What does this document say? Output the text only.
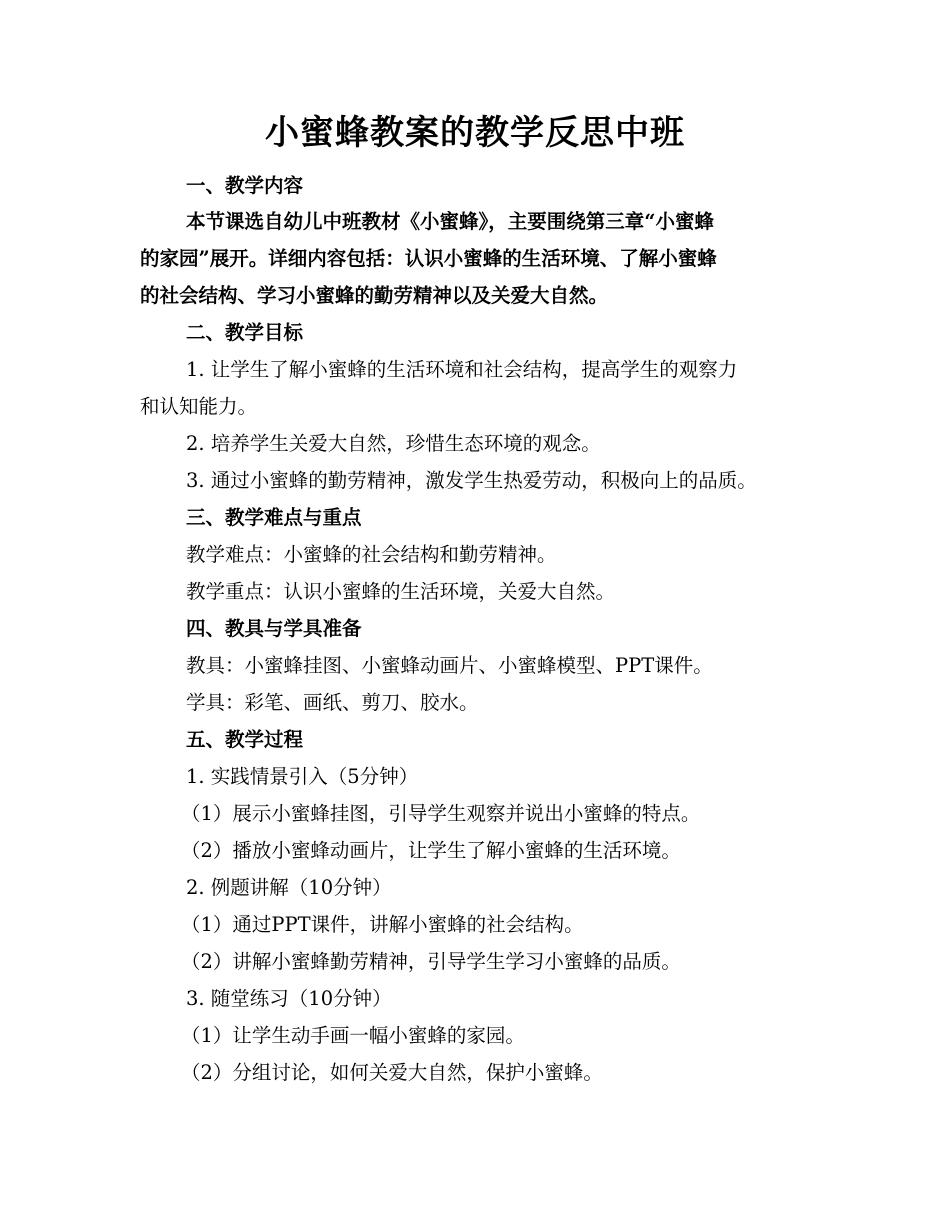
小蜜蜂教案的教学反思中班
一、教学内容
本节课选自幼儿中班教材《小蜜蜂》，主要围绕第三章“小蜜蜂
的家园”展开。详细内容包括：认识小蜜蜂的生活环境、了解小蜜蜂
的社会结构、学习小蜜蜂的勤劳精神以及关爱大自然。
二、教学目标
1. 让学生了解小蜜蜂的生活环境和社会结构，提高学生的观察力
和认知能力。
2. 培养学生关爱大自然，珍惜生态环境的观念。
3. 通过小蜜蜂的勤劳精神，激发学生热爱劳动，积极向上的品质。
三、教学难点与重点
教学难点：小蜜蜂的社会结构和勤劳精神。
教学重点：认识小蜜蜂的生活环境，关爱大自然。
四、教具与学具准备
教具：小蜜蜂挂图、小蜜蜂动画片、小蜜蜂模型、PPT课件。
学具：彩笔、画纸、剪刀、胶水。
五、教学过程
1. 实践情景引入（5分钟）
（1）展示小蜜蜂挂图，引导学生观察并说出小蜜蜂的特点。
（2）播放小蜜蜂动画片，让学生了解小蜜蜂的生活环境。
2. 例题讲解（10分钟）
（1）通过PPT课件，讲解小蜜蜂的社会结构。
（2）讲解小蜜蜂勤劳精神，引导学生学习小蜜蜂的品质。
3. 随堂练习（10分钟）
（1）让学生动手画一幅小蜜蜂的家园。
（2）分组讨论，如何关爱大自然，保护小蜜蜂。
